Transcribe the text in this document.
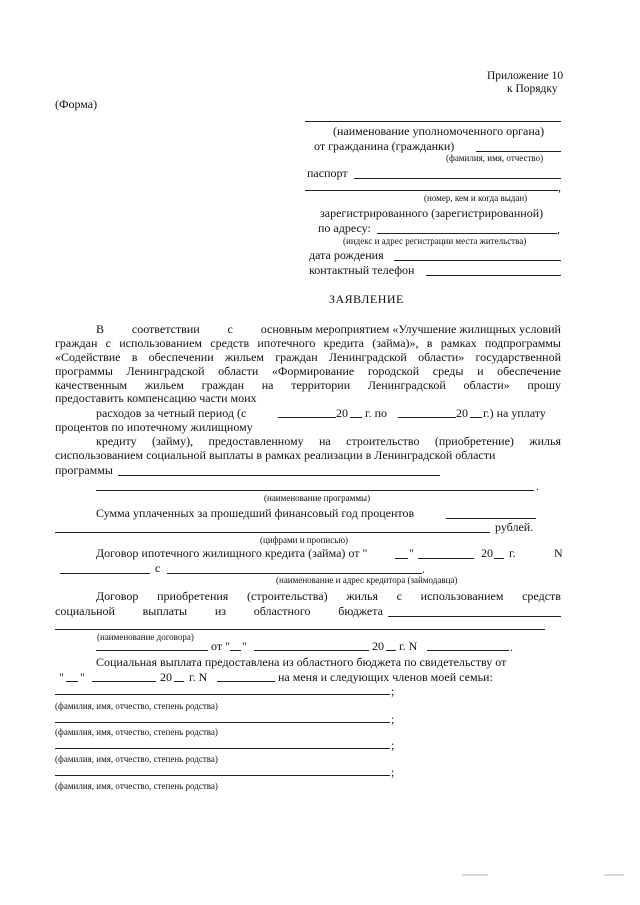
Приложение 10
к Порядку
(Форма)
(наименование уполномоченного органа)
от гражданина (гражданки)
(фамилия, имя, отчество)
паспорт
,
(номер, кем и когда выдан)
зарегистрированного (зарегистрированной)
по адресу:	,
(индекс и адрес регистрации места жительства)
дата рождения
контактный телефон
ЗАЯВЛЕНИЕ
В соответствии с основным мероприятием «Улучшение жилищных условий
граждан с использованием средств ипотечного кредита (займа)», в рамках подпрограммы
«Содействие в обеспечении жильем граждан Ленинградской области» государственной
программы Ленинградской области «Формирование городской среды и обеспечение
качественным жильем граждан на территории Ленинградской области» прошу
предоставить компенсацию части моих
расходов за четный период (с	20 г. по	20 г.) на уплату
процентов по ипотечному жилищному
кредиту (займу), предоставленному на строительство (приобретение) жилья
сиспользованием социальной выплаты в рамках реализации в Ленинградской области
программы
.
(наименование программы)
Сумма уплаченных за прошедший финансовый год процентов
рублей.
(цифрами и прописью)
Договор ипотечного жилищного кредита (займа) от "	"	20 г.	N
с	.
(наименование и адрес кредитора (займодавца)
Договор приобретения (строительства) жилья с использованием средств
социальной выплаты из областного бюджета
(наименование договора)
от " "	20 г. N	.
Социальная выплата предоставлена из областного бюджета по свидетельству от
" "	20 г. N	на меня и следующих членов моей семьи:
;
(фамилия, имя, отчество, степень родства)
;
(фамилия, имя, отчество, степень родства)
;
(фамилия, имя, отчество, степень родства)
;
(фамилия, имя, отчество, степень родства)
